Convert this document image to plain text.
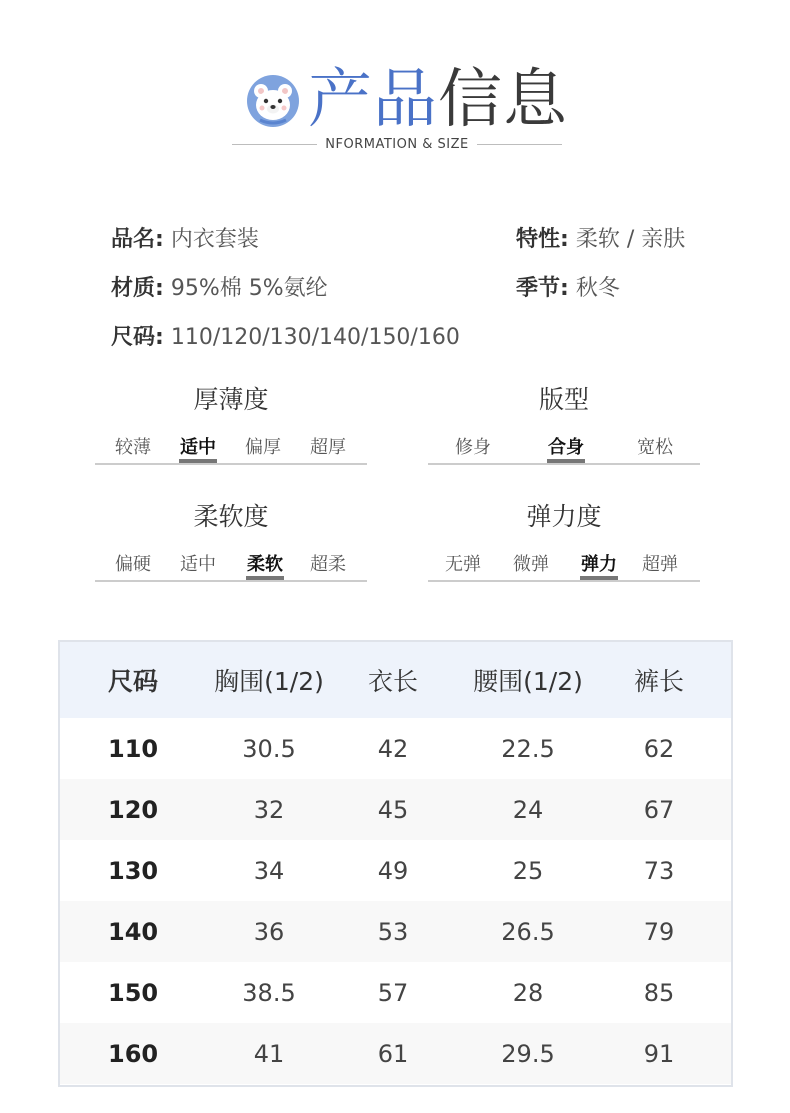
产品 信息
NFORMATION & SIZE
品名: 内衣套装	特性: 柔软 / 亲肤
材质: 95%棉 5%氨纶	季节: 秋冬
尺码: 110/120/130/140/150/160
厚薄度
较薄 适中 偏厚 超厚
版型
修身	合身	宽松
柔软度
偏硬 适中 柔软 超柔
弹力度
无弹 微弹 弹力 超弹
尺码	胸围(1/2)	衣长	腰围(1/2)	裤长
110	30.5	42	22.5	62
120	32	45	24	67
130	34	49	25	73
140	36	53	26.5	79
150	38.5	57	28	85
160	41	61	29.5	91
